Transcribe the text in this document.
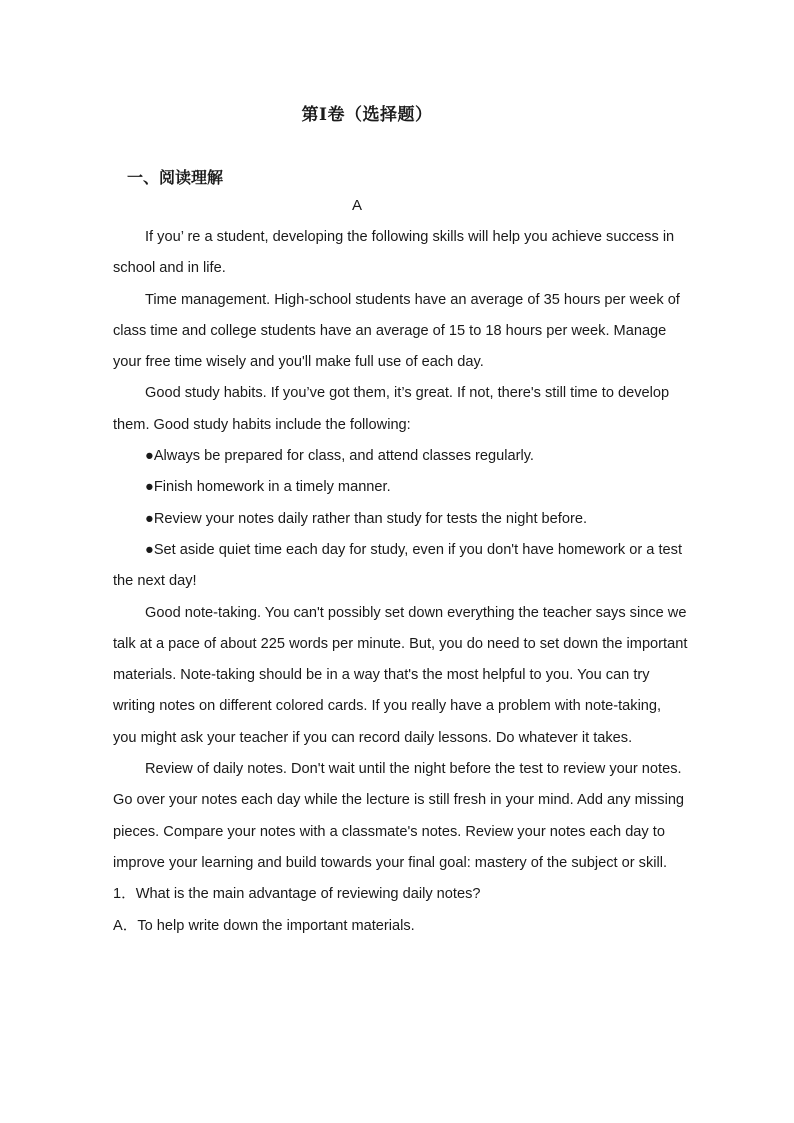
第Ⅰ卷（选择题）
一、阅读理解
A

If you’ re a student, developing the following skills will help you achieve success in school and in life.

Time management. High-school students have an average of 35 hours per week of class time and college students have an average of 15 to 18 hours per week. Manage your free time wisely and you'll make full use of each day.

Good study habits. If you’ve got them, it’s great. If not, there's still time to develop them. Good study habits include the following:

●Always be prepared for class, and attend classes regularly.

●Finish homework in a timely manner.

●Review your notes daily rather than study for tests the night before.

●Set aside quiet time each day for study, even if you don't have homework or a test the next day!

Good note-taking. You can't possibly set down everything the teacher says since we talk at a pace of about 225 words per minute. But, you do need to set down the important materials. Note-taking should be in a way that's the most helpful to you. You can try writing notes on different colored cards. If you really have a problem with note-taking, you might ask your teacher if you can record daily lessons. Do whatever it takes.

Review of daily notes. Don't wait until the night before the test to review your notes. Go over your notes each day while the lecture is still fresh in your mind. Add any missing pieces. Compare your notes with a classmate's notes. Review your notes each day to improve your learning and build towards your final goal: mastery of the subject or skill.

1．What is the main advantage of reviewing daily notes?

A．To help write down the important materials.
